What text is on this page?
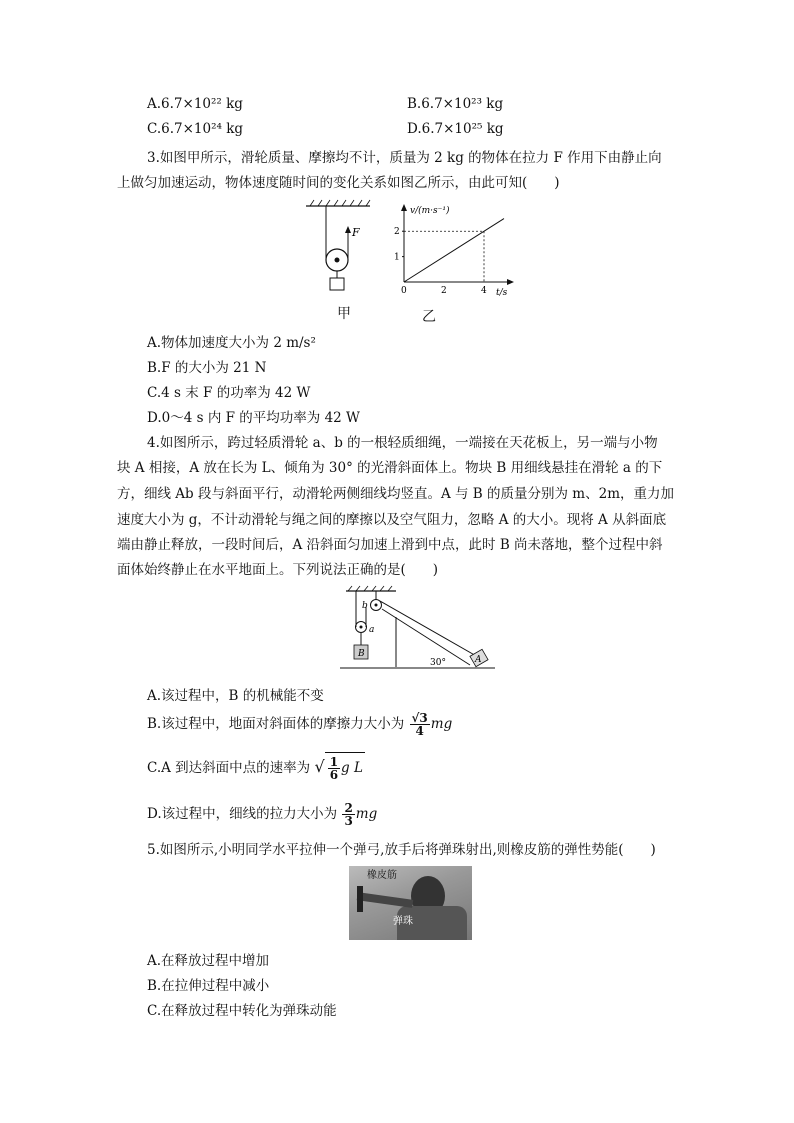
A.6.7×10²² kg	B.6.7×10²³ kg
C.6.7×10²⁴ kg	D.6.7×10²⁵ kg
3.如图甲所示，滑轮质量、摩擦均不计，质量为 2 kg 的物体在拉力 F 作用下由静止向
上做匀加速运动，物体速度随时间的变化关系如图乙所示，由此可知(　　)
F
v/(m·s⁻¹)
t/s
0	2	4
1
2
甲	乙
A.物体加速度大小为 2 m/s²
B.F 的大小为 21 N
C.4 s 末 F 的功率为 42 W
D.0～4 s 内 F 的平均功率为 42 W
4.如图所示，跨过轻质滑轮 a、b 的一根轻质细绳，一端接在天花板上，另一端与小物
块 A 相接，A 放在长为 L、倾角为 30° 的光滑斜面体上。物块 B 用细线悬挂在滑轮 a 的下
方，细线 Ab 段与斜面平行，动滑轮两侧细线均竖直。A 与 B 的质量分别为 m、2m，重力加
速度大小为 g，不计动滑轮与绳之间的摩擦以及空气阻力，忽略 A 的大小。现将 A 从斜面底
端由静止释放，一段时间后，A 沿斜面匀加速上滑到中点，此时 B 尚未落地，整个过程中斜
面体始终静止在水平地面上。下列说法正确的是(　　)
B
a
b
A
30°
A.该过程中，B 的机械能不变
B.该过程中，地面对斜面体的摩擦力大小为 $\frac{√3}{4}$ mg
C.A 到达斜面中点的速率为 √ $\frac{1}{6}$ g L
D.该过程中，细线的拉力大小为 $\frac{2}{3}$ mg
5.如图所示,小明同学水平拉伸一个弹弓,放手后将弹珠射出,则橡皮筋的弹性势能(　　)
橡皮筋
弹珠
A.在释放过程中增加
B.在拉伸过程中减小
C.在释放过程中转化为弹珠动能
